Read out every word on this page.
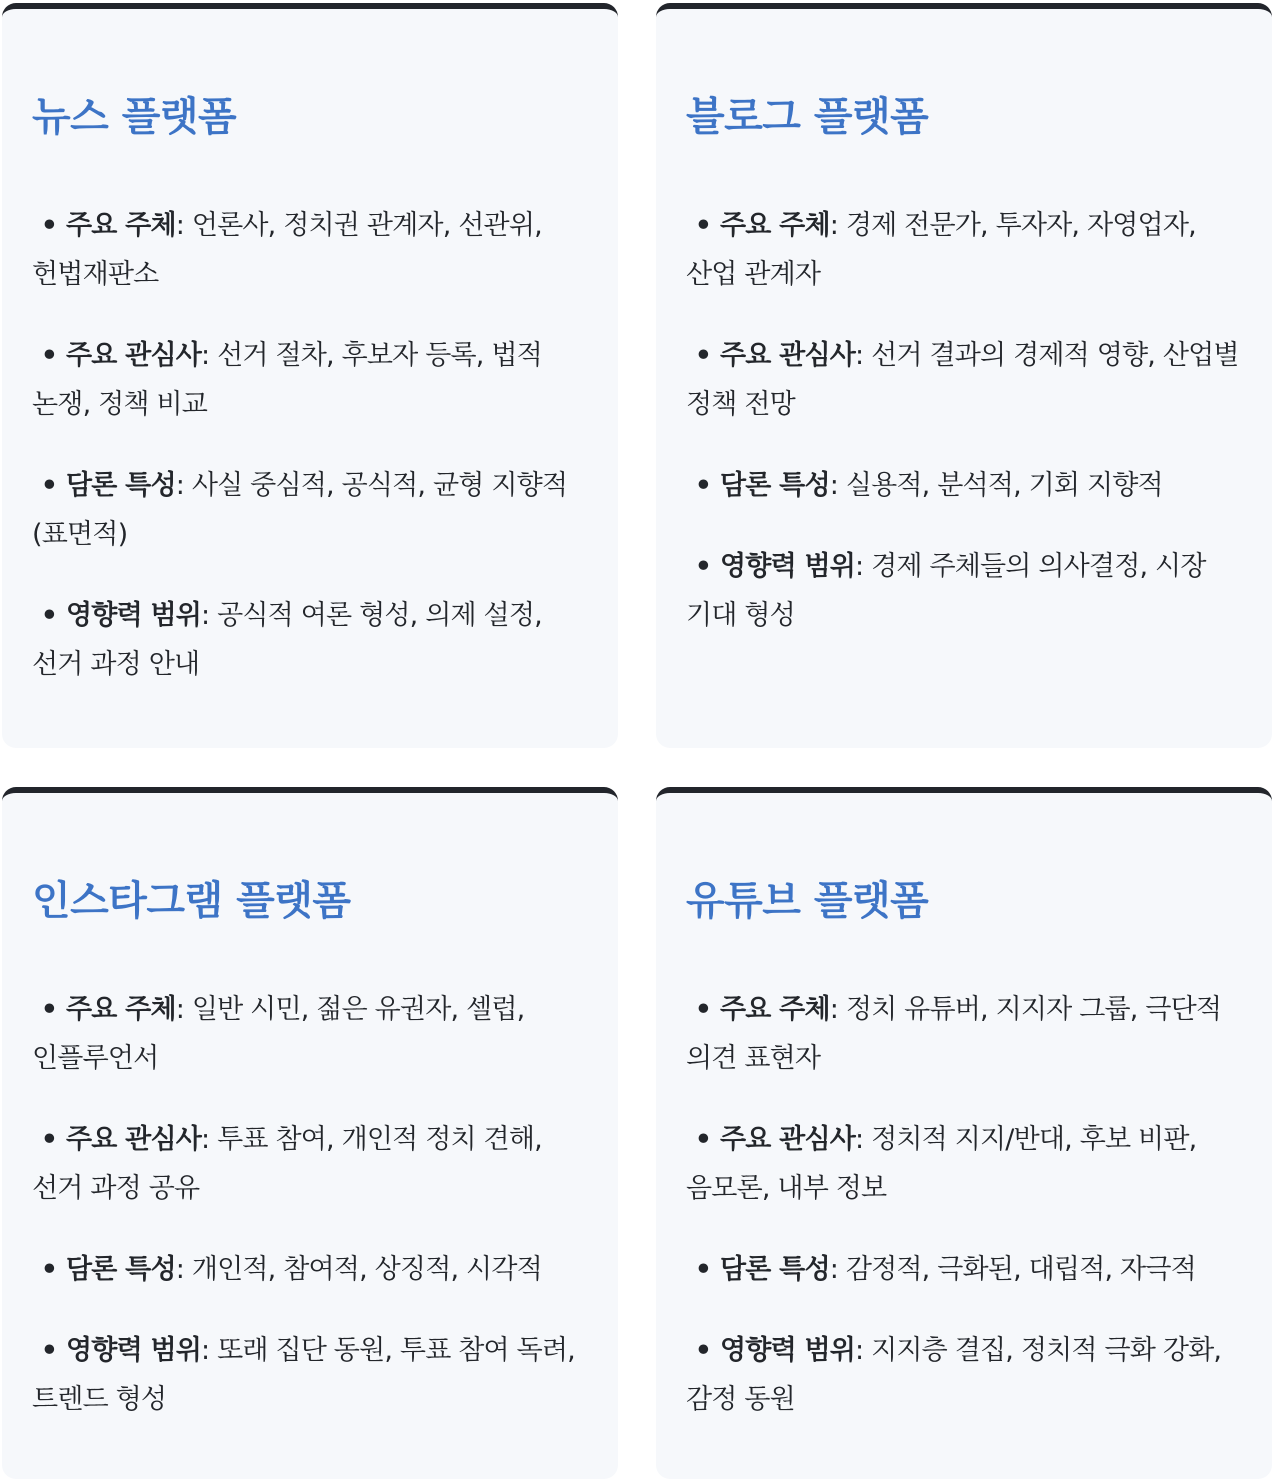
뉴스 플랫폼
• 주요 주체: 언론사, 정치권 관계자, 선관위, 헌법재판소
• 주요 관심사: 선거 절차, 후보자 등록, 법적 논쟁, 정책 비교
• 담론 특성: 사실 중심적, 공식적, 균형 지향적(표면적)
• 영향력 범위: 공식적 여론 형성, 의제 설정, 선거 과정 안내
블로그 플랫폼
• 주요 주체: 경제 전문가, 투자자, 자영업자, 산업 관계자
• 주요 관심사: 선거 결과의 경제적 영향, 산업별 정책 전망
• 담론 특성: 실용적, 분석적, 기회 지향적
• 영향력 범위: 경제 주체들의 의사결정, 시장 기대 형성
인스타그램 플랫폼
• 주요 주체: 일반 시민, 젊은 유권자, 셀럽, 인플루언서
• 주요 관심사: 투표 참여, 개인적 정치 견해, 선거 과정 공유
• 담론 특성: 개인적, 참여적, 상징적, 시각적
• 영향력 범위: 또래 집단 동원, 투표 참여 독려, 트렌드 형성
유튜브 플랫폼
• 주요 주체: 정치 유튜버, 지지자 그룹, 극단적 의견 표현자
• 주요 관심사: 정치적 지지/반대, 후보 비판, 음모론, 내부 정보
• 담론 특성: 감정적, 극화된, 대립적, 자극적
• 영향력 범위: 지지층 결집, 정치적 극화 강화, 감정 동원
